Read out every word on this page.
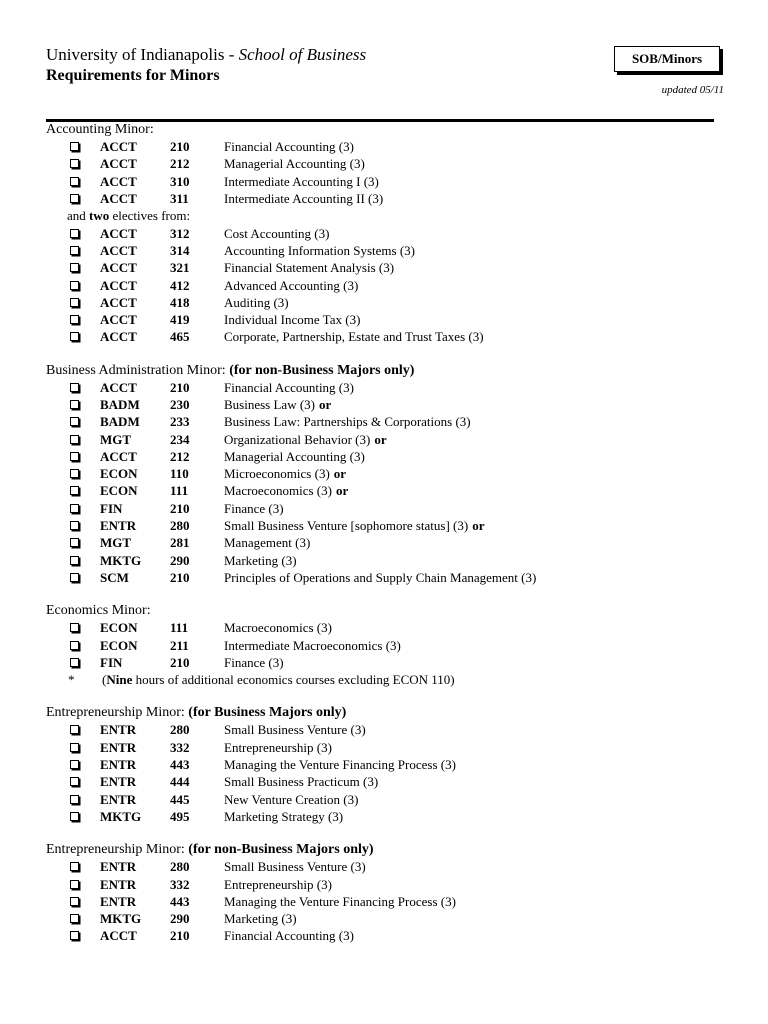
University of Indianapolis - School of Business
Requirements for Minors
SOB/Minors
updated 05/11
Accounting Minor:
ACCT	210	Financial Accounting (3)
ACCT	212	Managerial Accounting (3)
ACCT	310	Intermediate Accounting I (3)
ACCT	311	Intermediate Accounting II (3)
and two electives from:
ACCT	312	Cost Accounting (3)
ACCT	314	Accounting Information Systems (3)
ACCT	321	Financial Statement Analysis (3)
ACCT	412	Advanced Accounting (3)
ACCT	418	Auditing (3)
ACCT	419	Individual Income Tax (3)
ACCT	465	Corporate, Partnership, Estate and Trust Taxes (3)
Business Administration Minor: (for non-Business Majors only)
ACCT	210	Financial Accounting (3)
BADM	230	Business Law (3) or
BADM	233	Business Law: Partnerships & Corporations (3)
MGT	234	Organizational Behavior (3) or
ACCT	212	Managerial Accounting (3)
ECON	110	Microeconomics (3) or
ECON	111	Macroeconomics (3) or
FIN	210	Finance (3)
ENTR	280	Small Business Venture [sophomore status] (3) or
MGT	281	Management (3)
MKTG	290	Marketing (3)
SCM	210	Principles of Operations and Supply Chain Management (3)
Economics Minor:
ECON	111	Macroeconomics (3)
ECON	211	Intermediate Macroeconomics (3)
FIN	210	Finance (3)
*	(Nine hours of additional economics courses excluding ECON 110)
Entrepreneurship Minor: (for Business Majors only)
ENTR	280	Small Business Venture (3)
ENTR	332	Entrepreneurship (3)
ENTR	443	Managing the Venture Financing Process (3)
ENTR	444	Small Business Practicum (3)
ENTR	445	New Venture Creation (3)
MKTG	495	Marketing Strategy (3)
Entrepreneurship Minor: (for non-Business Majors only)
ENTR	280	Small Business Venture (3)
ENTR	332	Entrepreneurship (3)
ENTR	443	Managing the Venture Financing Process (3)
MKTG	290	Marketing (3)
ACCT	210	Financial Accounting (3)
